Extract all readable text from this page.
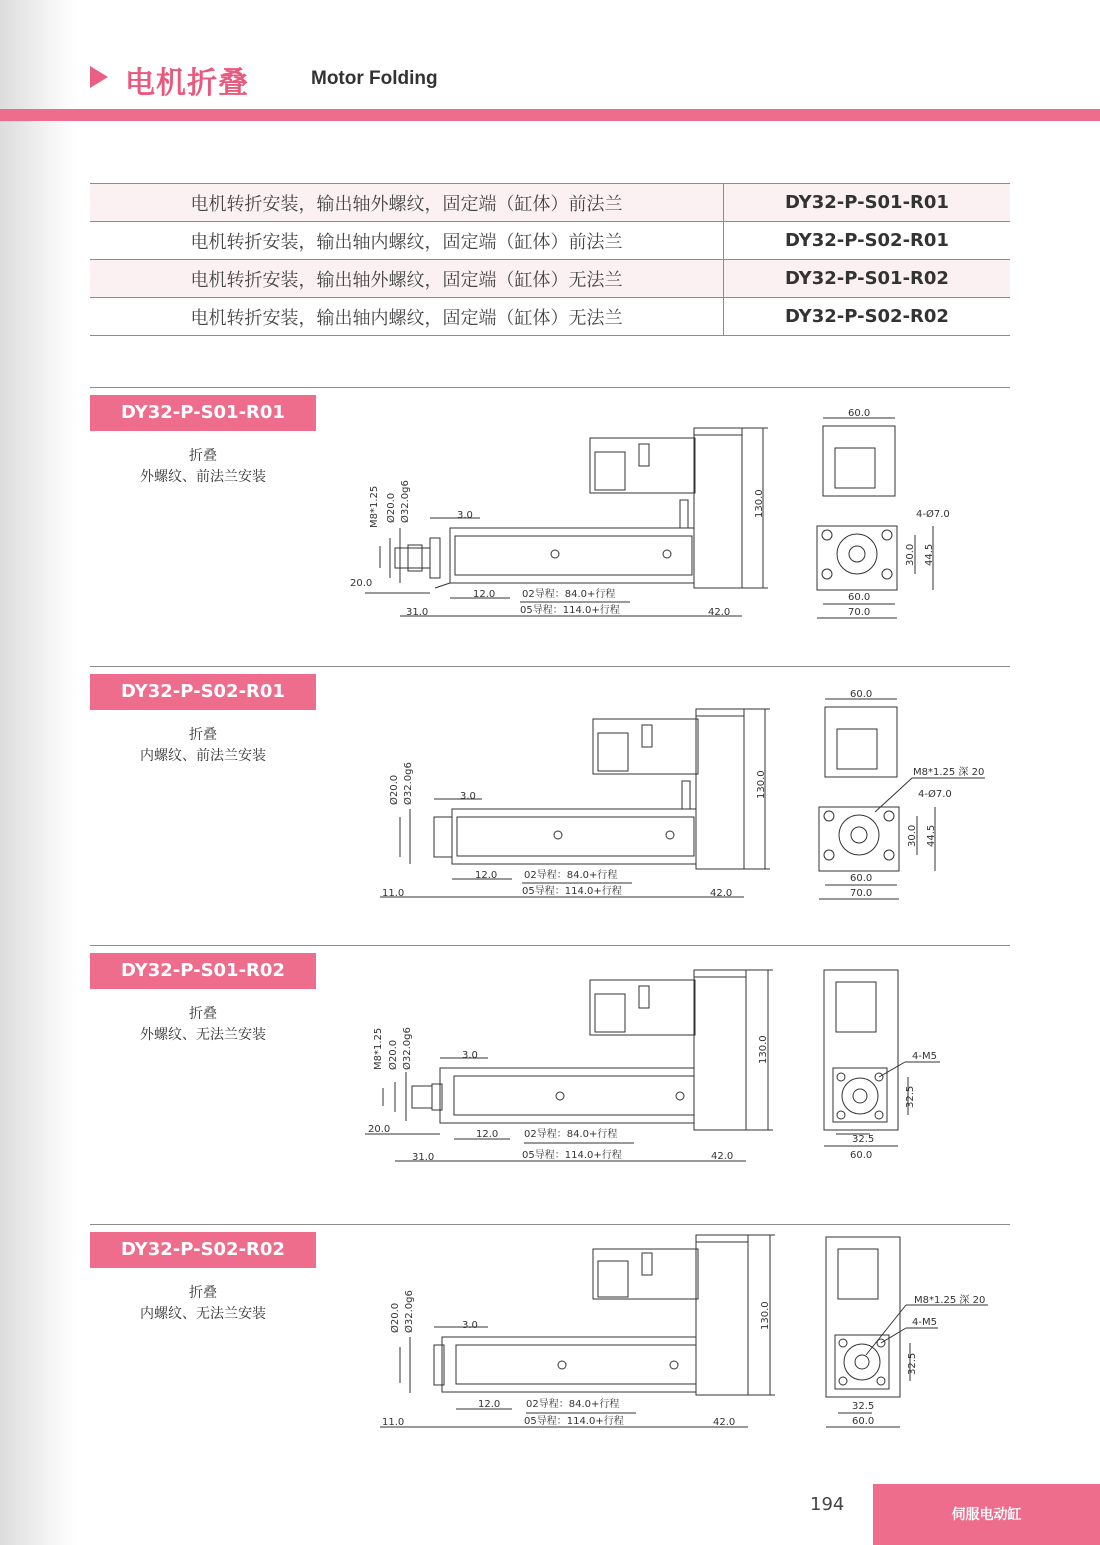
电机折叠	Motor Folding
电机转折安装，输出轴外螺纹，固定端（缸体）前法兰	DY32-P-S01-R01
电机转折安装，输出轴内螺纹，固定端（缸体）前法兰	DY32-P-S02-R01
电机转折安装，输出轴外螺纹，固定端（缸体）无法兰	DY32-P-S01-R02
电机转折安装，输出轴内螺纹，固定端（缸体）无法兰	DY32-P-S02-R02
DY32-P-S01-R01
折叠
外螺纹、前法兰安装
20.0
31.0
3.0
12.0	02导程：84.0+行程
05导程：114.0+行程	42.0
130.0
M8*1.25 Ø20.0 Ø32.0g6
60.0
4-Ø7.0
30.0 44.5
60.0
70.0
DY32-P-S02-R01
折叠
内螺纹、前法兰安装
11.0
3.0
12.0	02导程：84.0+行程
05导程：114.0+行程	42.0
130.0
Ø20.0 Ø32.0g6
60.0
M8*1.25 深 20
4-Ø7.0
30.0 44.5
60.0
70.0
DY32-P-S01-R02
折叠
外螺纹、无法兰安装
20.0
31.0
3.0
12.0	02导程：84.0+行程
05导程：114.0+行程	42.0
130.0
M8*1.25 Ø20.0 Ø32.0g6	4-M5
32.5
32.5
60.0
DY32-P-S02-R02
折叠
内螺纹、无法兰安装
11.0
3.0
12.0	02导程：84.0+行程
05导程：114.0+行程	42.0
130.0
Ø20.0 Ø32.0g6	M8*1.25 深 20
4-M5
32.5
32.5
60.0
194	伺服电动缸
